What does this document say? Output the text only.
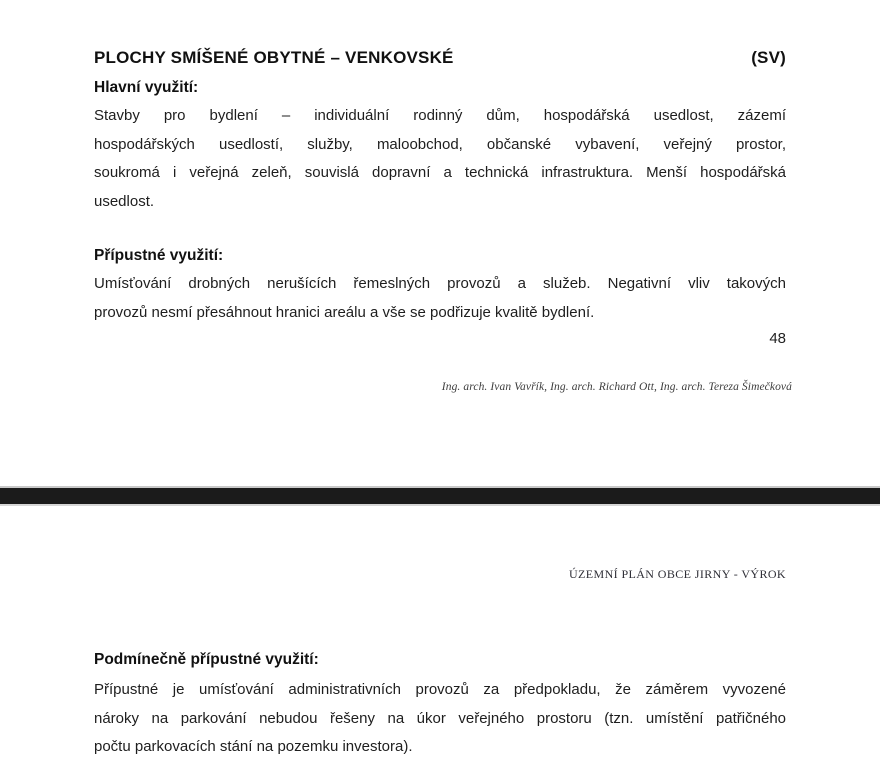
PLOCHY SMÍŠENÉ OBYTNÉ – VENKOVSKÉ	(SV)
Hlavní využití:
Stavby pro bydlení – individuální rodinný dům, hospodářská usedlost, zázemí
hospodářských usedlostí, služby, maloobchod, občanské vybavení, veřejný prostor,
soukromá i veřejná zeleň, souvislá dopravní a technická infrastruktura. Menší hospodářská
usedlost.
Přípustné využití:
Umísťování drobných nerušících řemeslných provozů a služeb. Negativní vliv takových
provozů nesmí přesáhnout hranici areálu a vše se podřizuje kvalitě bydlení.
48
Ing. arch. Ivan Vavřík, Ing. arch. Richard Ott, Ing. arch. Tereza Šimečková
ÚZEMNÍ PLÁN OBCE JIRNY - VÝROK
Podmínečně přípustné využití:
Přípustné je umísťování administrativních provozů za předpokladu, že záměrem vyvozené
nároky na parkování nebudou řešeny na úkor veřejného prostoru (tzn. umístění patřičného
počtu parkovacích stání na pozemku investora).
